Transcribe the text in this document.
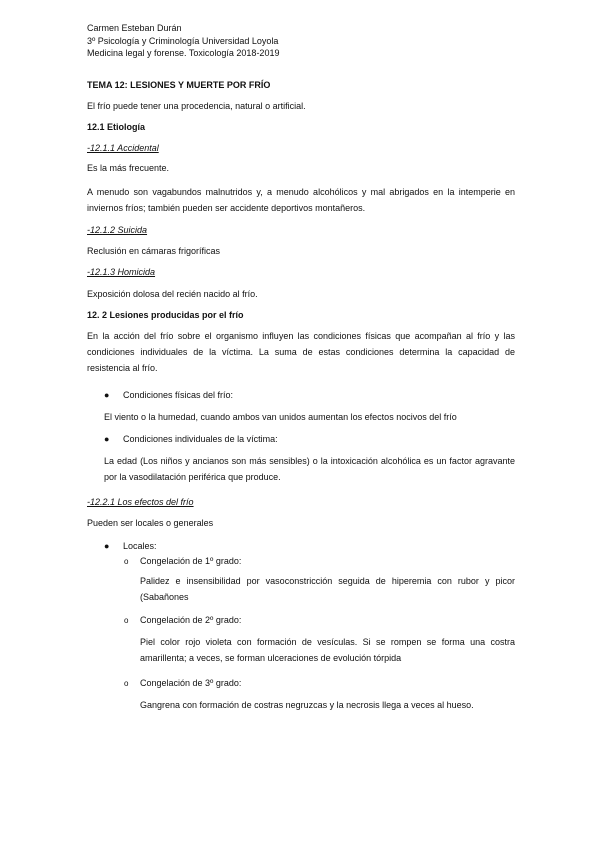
Carmen Esteban Durán
3º Psicología y Criminología Universidad Loyola
Medicina legal y forense. Toxicología 2018-2019
TEMA 12: LESIONES Y MUERTE POR FRÍO
El frío puede tener una procedencia, natural o artificial.
12.1 Etiología
-12.1.1 Accidental
Es la más frecuente.
A menudo son vagabundos malnutridos y, a menudo alcohólicos y mal abrigados en la intemperie en inviernos fríos; también pueden ser accidente deportivos montañeros.
-12.1.2 Suicida
Reclusión en cámaras frigoríficas
-12.1.3 Homicida
Exposición dolosa del recién nacido al frío.
12. 2 Lesiones producidas por el frío
En la acción del frío sobre el organismo influyen las condiciones físicas que acompañan al frío y las condiciones individuales de la víctima. La suma de estas condiciones determina la capacidad de resistencia al frío.
● Condiciones físicas del frío:
El viento o la humedad, cuando ambos van unidos aumentan los efectos nocivos del frío
● Condiciones individuales de la víctima:
La edad (Los niños y ancianos son más sensibles) o la intoxicación alcohólica es un factor agravante por la vasodilatación periférica que produce.
-12.2.1 Los efectos del frío
Pueden ser locales o generales
● Locales:
o Congelación de 1º grado:
Palidez e insensibilidad por vasoconstricción seguida de hiperemia con rubor y picor (Sabañones
o Congelación de 2º grado:
Piel color rojo violeta con formación de vesículas. Si se rompen se forma una costra amarillenta; a veces, se forman ulceraciones de evolución tórpida
o Congelación de 3º grado:
Gangrena con formación de costras negruzcas y la necrosis llega a veces al hueso.
